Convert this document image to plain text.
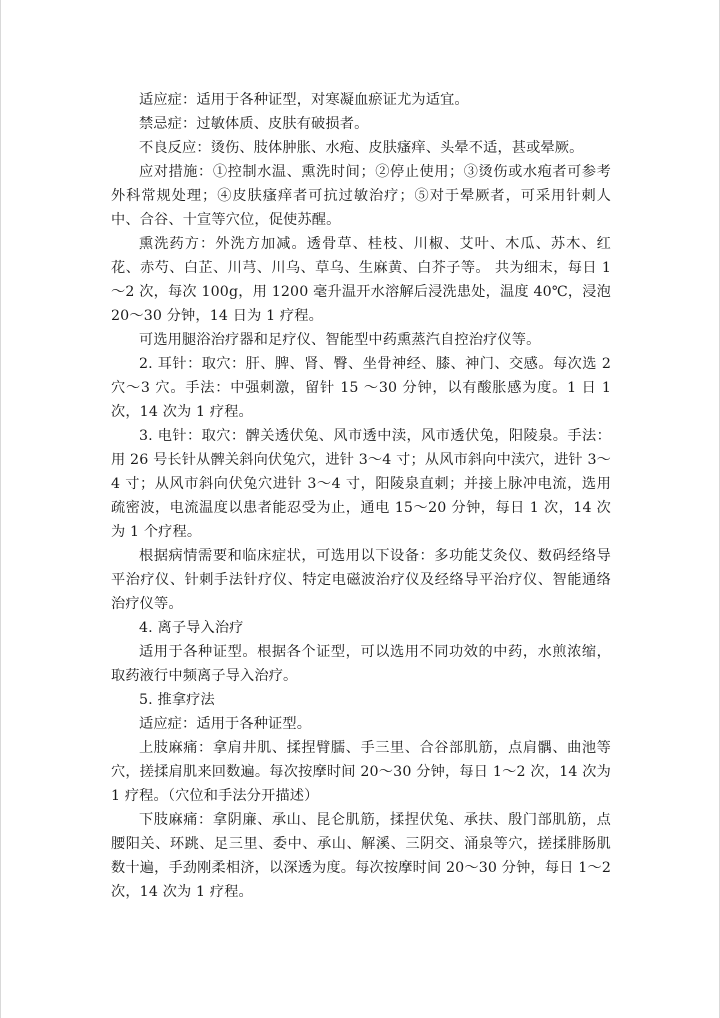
适应症：适用于各种证型，对寒凝血瘀证尤为适宜。

禁忌症：过敏体质、皮肤有破损者。

不良反应：烫伤、肢体肿胀、水疱、皮肤瘙痒、头晕不适，甚或晕厥。

应对措施：①控制水温、熏洗时间；②停止使用；③烫伤或水疱者可参考外科常规处理；④皮肤瘙痒者可抗过敏治疗；⑤对于晕厥者，可采用针刺人中、合谷、十宣等穴位，促使苏醒。

熏洗药方：外洗方加减。透骨草、桂枝、川椒、艾叶、木瓜、苏木、红花、赤芍、白芷、川芎、川乌、草乌、生麻黄、白芥子等。 共为细末，每日 1～2 次，每次 100g，用 1200 毫升温开水溶解后浸洗患处，温度 40℃，浸泡 20～30 分钟，14 日为 1 疗程。

可选用腿浴治疗器和足疗仪、智能型中药熏蒸汽自控治疗仪等。

2. 耳针：取穴：肝、脾、肾、臀、坐骨神经、膝、神门、交感。每次选 2 穴～3 穴。手法：中强刺激，留针 15 ～30 分钟，以有酸胀感为度。1 日 1 次，14 次为 1 疗程。

3. 电针：取穴：髀关透伏兔、风市透中渎，风市透伏兔，阳陵泉。手法：用 26 号长针从髀关斜向伏兔穴，进针 3～4 寸；从风市斜向中渎穴，进针 3～4 寸；从风市斜向伏兔穴进针 3～4 寸，阳陵泉直刺；并接上脉冲电流，选用疏密波，电流温度以患者能忍受为止，通电 15～20 分钟，每日 1 次，14 次为 1 个疗程。

根据病情需要和临床症状，可选用以下设备：多功能艾灸仪、数码经络导平治疗仪、针刺手法针疗仪、特定电磁波治疗仪及经络导平治疗仪、智能通络治疗仪等。

4. 离子导入治疗

适用于各种证型。根据各个证型，可以选用不同功效的中药，水煎浓缩，取药液行中频离子导入治疗。

5. 推拿疗法

适应症：适用于各种证型。

上肢麻痛：拿肩井肌、揉捏臂臑、手三里、合谷部肌筋，点肩髃、曲池等穴，搓揉肩肌来回数遍。每次按摩时间 20～30 分钟，每日 1～2 次，14 次为 1 疗程。（穴位和手法分开描述）

下肢麻痛：拿阴廉、承山、昆仑肌筋，揉捏伏兔、承扶、殷门部肌筋，点腰阳关、环跳、足三里、委中、承山、解溪、三阴交、涌泉等穴，搓揉腓肠肌数十遍，手劲刚柔相济，以深透为度。每次按摩时间 20～30 分钟，每日 1～2 次，14 次为 1 疗程。
